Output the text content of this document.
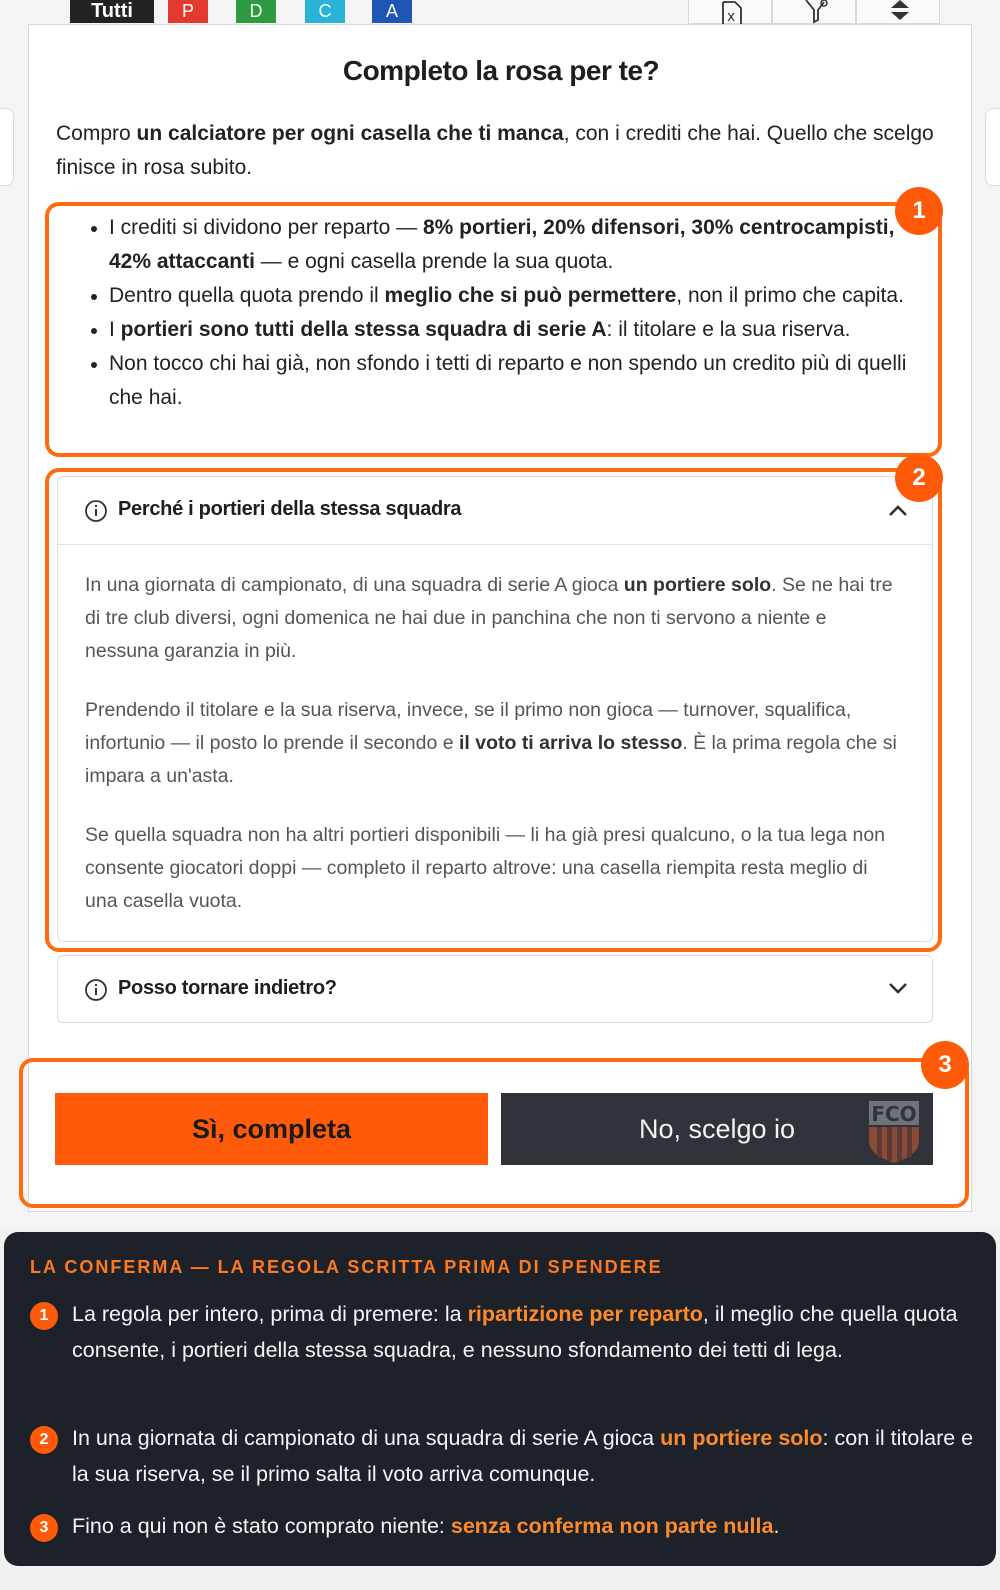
Tutti	P	D	C	A	x
Completo la rosa per te?

Compro un calciatore per ogni casella che ti manca, con i crediti che hai. Quello che scelgo finisce in rosa subito.

• I crediti si dividono per reparto — 8% portieri, 20% difensori, 30% centrocampisti, 42% attaccanti — e ogni casella prende la sua quota.
• Dentro quella quota prendo il meglio che si può permettere, non il primo che capita.
• I portieri sono tutti della stessa squadra di serie A: il titolare e la sua riserva.
• Non tocco chi hai già, non sfondo i tetti di reparto e non spendo un credito più di quelli che hai.
Perché i portieri della stessa squadra

In una giornata di campionato, di una squadra di serie A gioca un portiere solo. Se ne hai tre di tre club diversi, ogni domenica ne hai due in panchina che non ti servono a niente e nessuna garanzia in più.

Prendendo il titolare e la sua riserva, invece, se il primo non gioca — turnover, squalifica, infortunio — il posto lo prende il secondo e il voto ti arriva lo stesso. È la prima regola che si impara a un'asta.

Se quella squadra non ha altri portieri disponibili — li ha già presi qualcuno, o la tua lega non consente giocatori doppi — completo il reparto altrove: una casella riempita resta meglio di una casella vuota.

Posso tornare indietro?
Sì, completa	No, scelgo io	FCO
1
2
3
LA CONFERMA — LA REGOLA SCRITTA PRIMA DI SPENDERE
1	La regola per intero, prima di premere: la ripartizione per reparto, il meglio che quella quota consente, i portieri della stessa squadra, e nessuno sfondamento dei tetti di lega.
2	In una giornata di campionato di una squadra di serie A gioca un portiere solo: con il titolare e la sua riserva, se il primo salta il voto arriva comunque.
3	Fino a qui non è stato comprato niente: senza conferma non parte nulla.
